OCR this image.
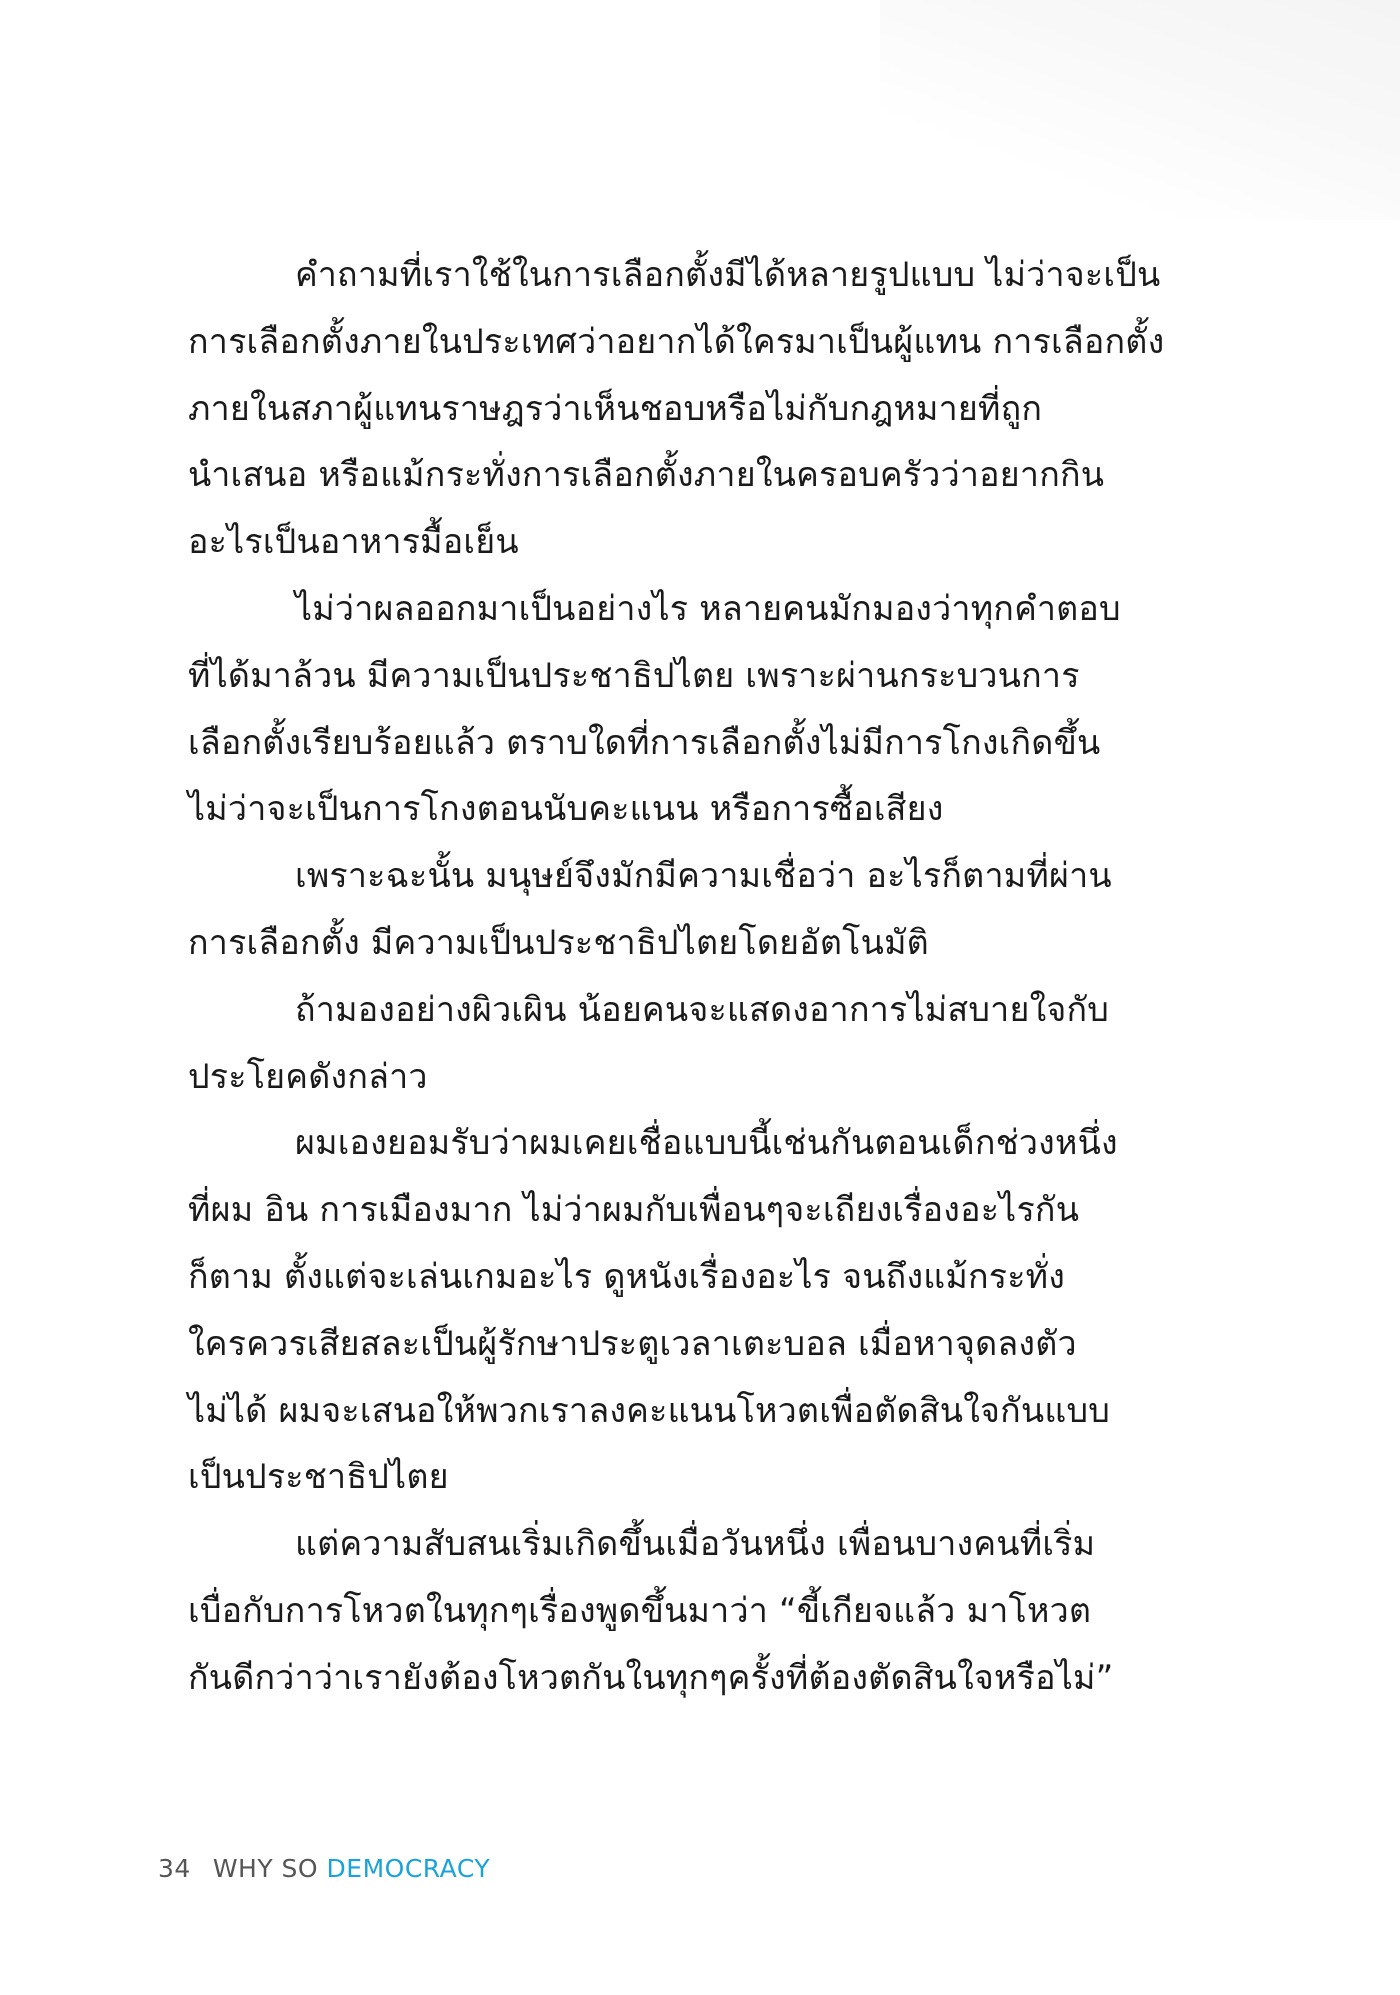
คำถามที่เราใช้ในการเลือกตั้งมีได้หลายรูปแบบ ไม่ว่าจะเป็น
การเลือกตั้งภายในประเทศว่าอยากได้ใครมาเป็นผู้แทน การเลือกตั้ง
ภายในสภาผู้แทนราษฎรว่าเห็นชอบหรือไม่กับกฎหมายที่ถูก
นำเสนอ หรือแม้กระทั่งการเลือกตั้งภายในครอบครัวว่าอยากกิน
อะไรเป็นอาหารมื้อเย็น
ไม่ว่าผลออกมาเป็นอย่างไร หลายคนมักมองว่าทุกคำตอบ
ที่ได้มาล้วน มีความเป็นประชาธิปไตย เพราะผ่านกระบวนการ
เลือกตั้งเรียบร้อยแล้ว ตราบใดที่การเลือกตั้งไม่มีการโกงเกิดขึ้น
ไม่ว่าจะเป็นการโกงตอนนับคะแนน หรือการซื้อเสียง
เพราะฉะนั้น มนุษย์จึงมักมีความเชื่อว่า อะไรก็ตามที่ผ่าน
การเลือกตั้ง มีความเป็นประชาธิปไตยโดยอัตโนมัติ
ถ้ามองอย่างผิวเผิน น้อยคนจะแสดงอาการไม่สบายใจกับ
ประโยคดังกล่าว
ผมเองยอมรับว่าผมเคยเชื่อแบบนี้เช่นกันตอนเด็กช่วงหนึ่ง
ที่ผม อิน การเมืองมาก ไม่ว่าผมกับเพื่อนๆจะเถียงเรื่องอะไรกัน
ก็ตาม ตั้งแต่จะเล่นเกมอะไร ดูหนังเรื่องอะไร จนถึงแม้กระทั่ง
ใครควรเสียสละเป็นผู้รักษาประตูเวลาเตะบอล เมื่อหาจุดลงตัว
ไม่ได้ ผมจะเสนอให้พวกเราลงคะแนนโหวตเพื่อตัดสินใจกันแบบ
เป็นประชาธิปไตย
แต่ความสับสนเริ่มเกิดขึ้นเมื่อวันหนึ่ง เพื่อนบางคนที่เริ่ม
เบื่อกับการโหวตในทุกๆเรื่องพูดขึ้นมาว่า “ขี้เกียจแล้ว มาโหวต
กันดีกว่าว่าเรายังต้องโหวตกันในทุกๆครั้งที่ต้องตัดสินใจหรือไม่”
34 WHY SO DEMOCRACY
